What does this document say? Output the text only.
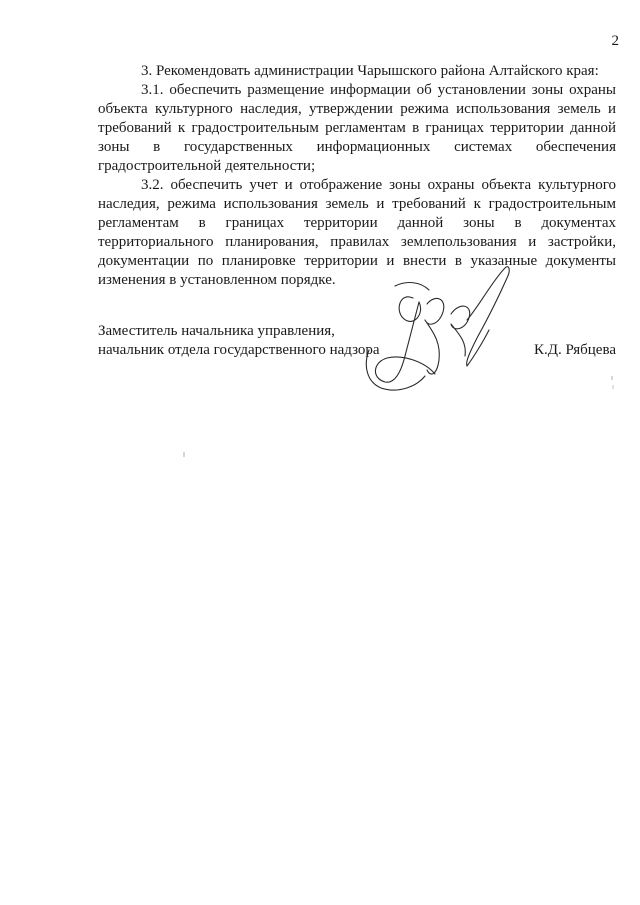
2

3. Рекомендовать администрации Чарышского района Алтайского края:

3.1. обеспечить размещение информации об установлении зоны охраны объекта культурного наследия, утверждении режима использования земель и требований к градостроительным регламентам в границах территории данной зоны в государственных информационных системах обеспечения градостроительной деятельности;

3.2. обеспечить учет и отображение зоны охраны объекта культурного наследия, режима использования земель и требований к градостроительным регламентам в границах территории данной зоны в документах территориального планирования, правилах землепользования и застройки, документации по планировке территории и внести в указанные документы изменения в установленном порядке.

Заместитель начальника управления,
начальник отдела государственного надзора	К.Д. Рябцева
